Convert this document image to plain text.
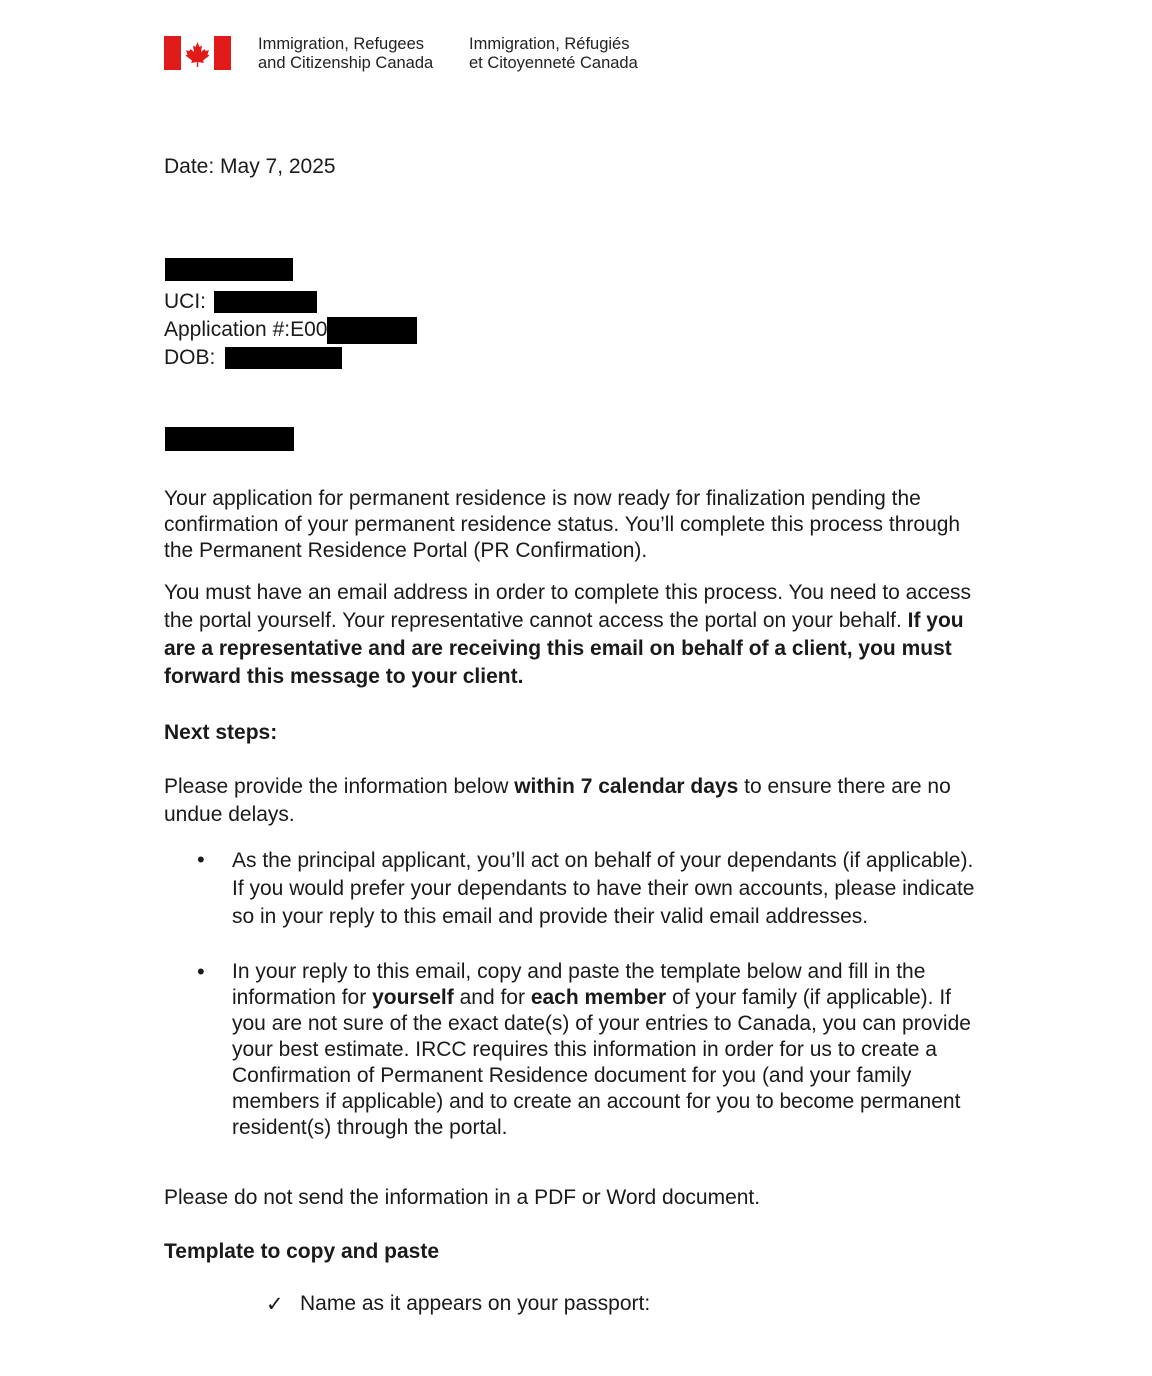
Immigration, Refugees
and Citizenship Canada
Immigration, Réfugiés
et Citoyenneté Canada
Date: May 7, 2025
UCI:
Application #:E00
DOB:
Your application for permanent residence is now ready for finalization pending the
confirmation of your permanent residence status. You’ll complete this process through
the Permanent Residence Portal (PR Confirmation).
You must have an email address in order to complete this process. You need to access
the portal yourself. Your representative cannot access the portal on your behalf. If you
are a representative and are receiving this email on behalf of a client, you must
forward this message to your client.
Next steps:
Please provide the information below within 7 calendar days to ensure there are no
undue delays.
• As the principal applicant, you’ll act on behalf of your dependants (if applicable).
If you would prefer your dependants to have their own accounts, please indicate
so in your reply to this email and provide their valid email addresses.
• In your reply to this email, copy and paste the template below and fill in the
information for yourself and for each member of your family (if applicable). If
you are not sure of the exact date(s) of your entries to Canada, you can provide
your best estimate. IRCC requires this information in order for us to create a
Confirmation of Permanent Residence document for you (and your family
members if applicable) and to create an account for you to become permanent
resident(s) through the portal.
Please do not send the information in a PDF or Word document.
Template to copy and paste
✓ Name as it appears on your passport:
